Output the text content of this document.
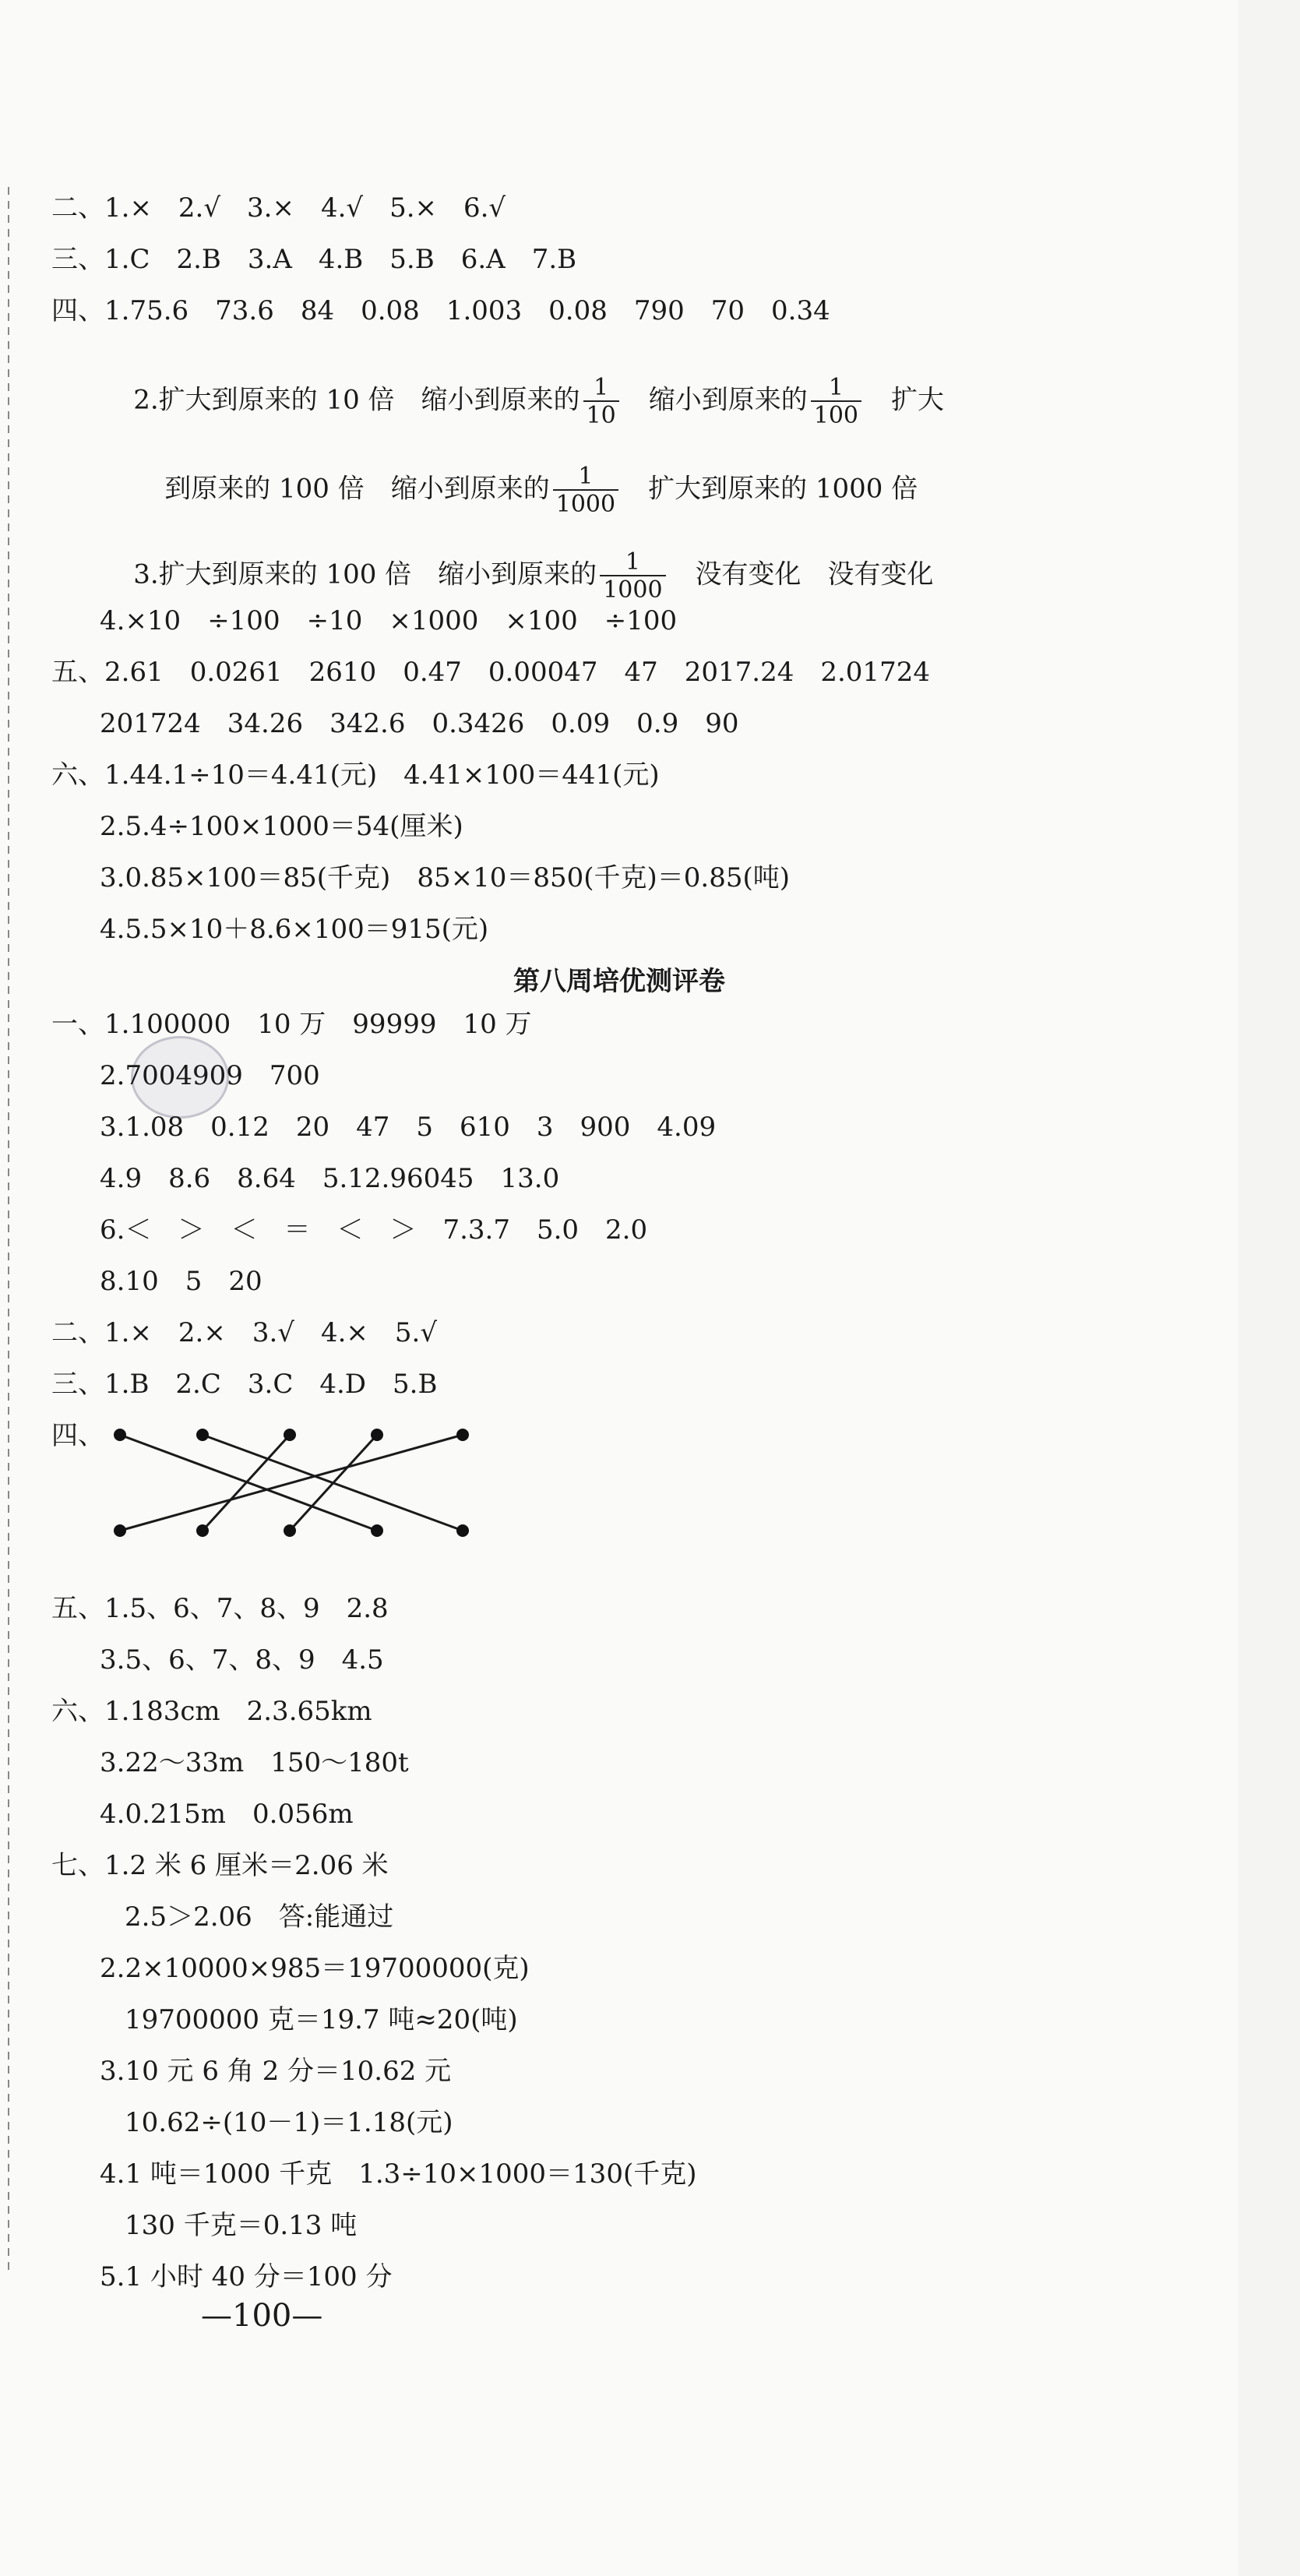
二、1.×　2.√　3.×　4.√　5.×　6.√
三、1.C　2.B　3.A　4.B　5.B　6.A　7.B
四、1.75.6　73.6　84　0.08　1.003　0.08　790　70　0.34

2.扩大到原来的 10 倍　缩小到原来的 $\frac{1}{10}$
　 缩小到原来的 $\frac{1}{100}$
　 扩大

到原来的 100 倍　缩小到原来的 $\frac{1}{1000}$
　 扩大到原来的 1000 倍

3.扩大到原来的 100 倍　缩小到原来的 $\frac{1}{1000}$
　 没有变化　没有变化

4.×10　÷100　÷10　×1000　×100　÷100
五、2.61　0.0261　2610　0.47　0.00047　47　2017.24　2.01724
201724　34.26　342.6　0.3426　0.09　0.9　90
六、1.44.1÷10＝4.41(元)　4.41×100＝441(元)
2.5.4÷100×1000＝54(厘米)
3.0.85×100＝85(千克)　85×10＝850(千克)＝0.85(吨)
4.5.5×10＋8.6×100＝915(元)
第八周培优测评卷
一、1.100000　10 万　99999　10 万
2.7004909　700
3.1.08　0.12　20　47　5　610　3　900　4.09
4.9　8.6　8.64　5.12.96045　13.0
6.＜　＞　＜　＝　＜　＞　7.3.7　5.0　2.0
8.10　5　20
二、1.×　2.×　3.√　4.×　5.√
三、1.B　2.C　3.C　4.D　5.B
四、
五、1.5、6、7、8、9　2.8
3.5、6、7、8、9　4.5
六、1.183cm　2.3.65km
3.22～33m　150～180t
4.0.215m　0.056m
七、1.2 米 6 厘米＝2.06 米
2.5＞2.06　答:能通过
2.2×10000×985＝19700000(克)
19700000 克＝19.7 吨≈20(吨)
3.10 元 6 角 2 分＝10.62 元
10.62÷(10－1)＝1.18(元)
4.1 吨＝1000 千克　1.3÷10×1000＝130(千克)
130 千克＝0.13 吨
5.1 小时 40 分＝100 分
—100—
